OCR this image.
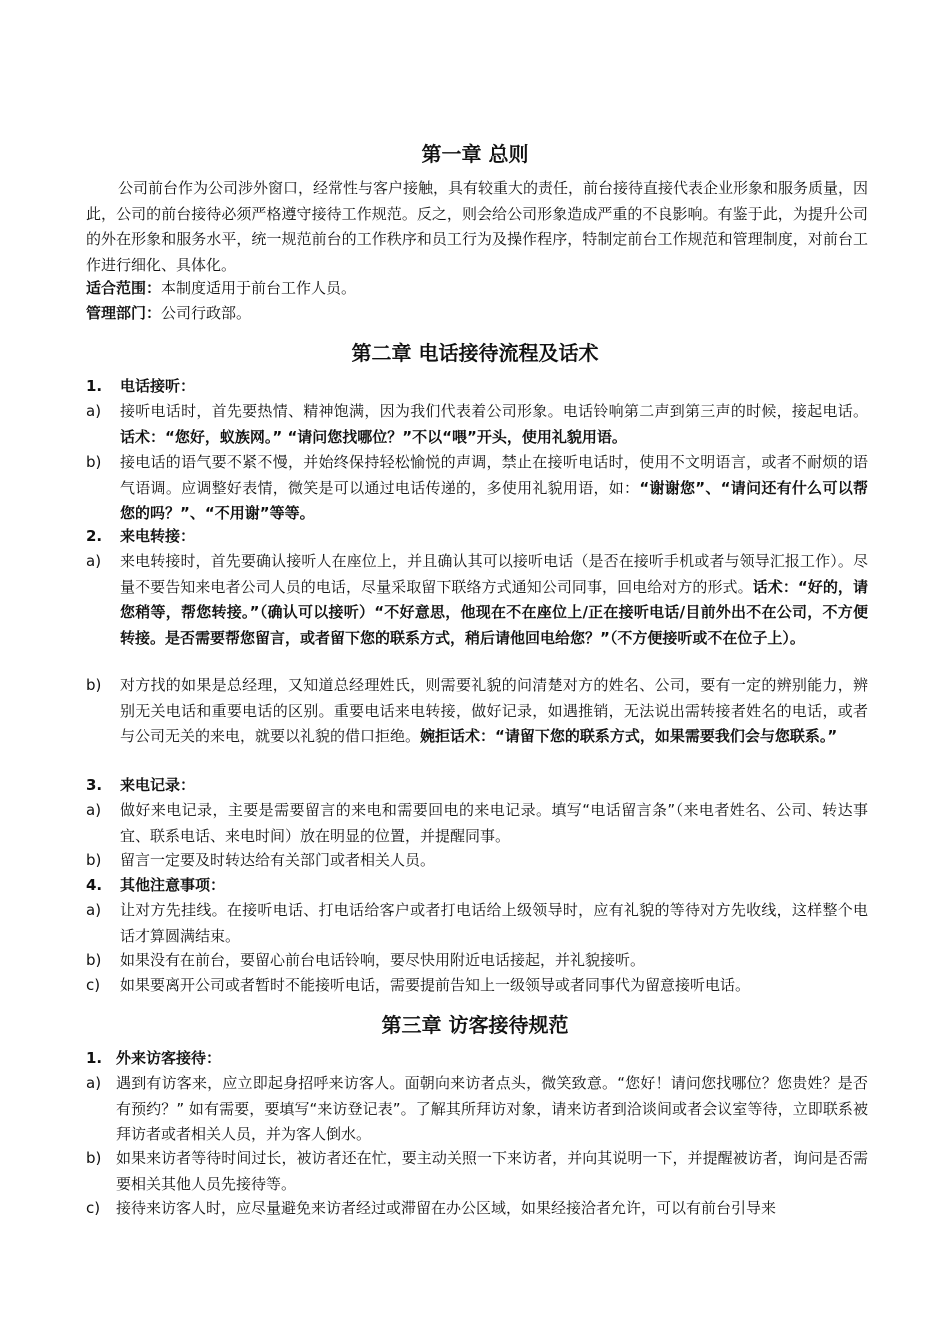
第一章 总则

公司前台作为公司涉外窗口，经常性与客户接触，具有较重大的责任，前台接待直接代表企业形象和服务质量，因此，公司的前台接待必须严格遵守接待工作规范。反之，则会给公司形象造成严重的不良影响。有鉴于此，为提升公司的外在形象和服务水平，统一规范前台的工作秩序和员工行为及操作程序，特制定前台工作规范和管理制度，对前台工作进行细化、具体化。

适合范围：本制度适用于前台工作人员。

管理部门：公司行政部。

第二章 电话接待流程及话术
1. 电话接听：
a) 接听电话时，首先要热情、精神饱满，因为我们代表着公司形象。电话铃响第二声到第三声的时候，接起电话。话术：“您好，蚁族网。” “请问您找哪位？”不以“喂”开头，使用礼貌用语。
b) 接电话的语气要不紧不慢，并始终保持轻松愉悦的声调，禁止在接听电话时，使用不文明语言，或者不耐烦的语气语调。应调整好表情，微笑是可以通过电话传递的，多使用礼貌用语，如：“谢谢您”、“请问还有什么可以帮您的吗？”、“不用谢”等等。
2. 来电转接：
a) 来电转接时，首先要确认接听人在座位上，并且确认其可以接听电话（是否在接听手机或者与领导汇报工作）。尽量不要告知来电者公司人员的电话，尽量采取留下联络方式通知公司同事，回电给对方的形式。话术：“好的，请您稍等，帮您转接。”（确认可以接听）“不好意思，他现在不在座位上/正在接听电话/目前外出不在公司，不方便转接。是否需要帮您留言，或者留下您的联系方式，稍后请他回电给您？”（不方便接听或不在位子上）。
b) 对方找的如果是总经理，又知道总经理姓氏，则需要礼貌的问清楚对方的姓名、公司，要有一定的辨别能力，辨别无关电话和重要电话的区别。重要电话来电转接，做好记录，如遇推销，无法说出需转接者姓名的电话，或者与公司无关的来电，就要以礼貌的借口拒绝。婉拒话术：“请留下您的联系方式，如果需要我们会与您联系。”
3. 来电记录：
a) 做好来电记录，主要是需要留言的来电和需要回电的来电记录。填写“电话留言条”（来电者姓名、公司、转达事宜、联系电话、来电时间）放在明显的位置，并提醒同事。
b) 留言一定要及时转达给有关部门或者相关人员。
4. 其他注意事项：
a) 让对方先挂线。在接听电话、打电话给客户或者打电话给上级领导时，应有礼貌的等待对方先收线，这样整个电话才算圆满结束。
b) 如果没有在前台，要留心前台电话铃响，要尽快用附近电话接起，并礼貌接听。
c) 如果要离开公司或者暂时不能接听电话，需要提前告知上一级领导或者同事代为留意接听电话。
第三章 访客接待规范
1. 外来访客接待：
a) 遇到有访客来，应立即起身招呼来访客人。面朝向来访者点头，微笑致意。“您好！请问您找哪位？您贵姓？是否有预约？” 如有需要，要填写“来访登记表”。了解其所拜访对象，请来访者到洽谈间或者会议室等待，立即联系被拜访者或者相关人员，并为客人倒水。
b) 如果来访者等待时间过长，被访者还在忙，要主动关照一下来访者，并向其说明一下，并提醒被访者，询问是否需要相关其他人员先接待等。
c) 接待来访客人时，应尽量避免来访者经过或滞留在办公区域，如果经接洽者允许，可以有前台引导来
